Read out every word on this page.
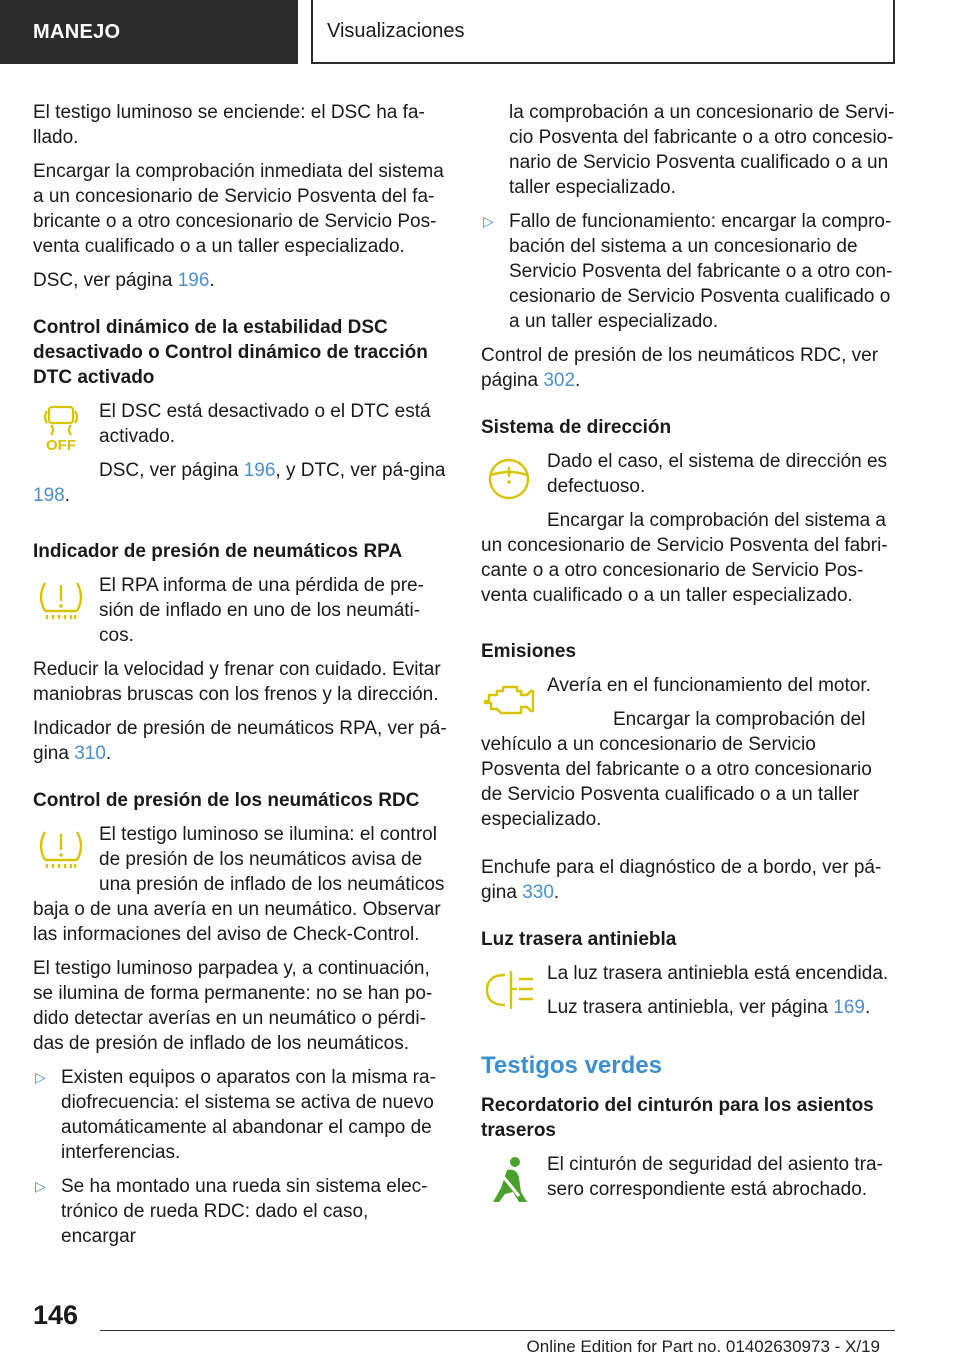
MANEJO	Visualizaciones

El testigo luminoso se enciende: el DSC ha fa-llado.

Encargar la comprobación inmediata del sistema a un concesionario de Servicio Posventa del fa-bricante o a otro concesionario de Servicio Pos-venta cualificado o a un taller especializado.

DSC, ver página 196.

Control dinámico de la estabilidad DSC desactivado o Control dinámico de tracción DTC activado
OFF

El DSC está desactivado o el DTC está activado.

DSC, ver página 196, y DTC, ver pá-gina 198.

Indicador de presión de neumáticos RPA

El RPA informa de una pérdida de pre-sión de inflado en uno de los neumáti-cos.

Reducir la velocidad y frenar con cuidado. Evitar maniobras bruscas con los frenos y la dirección.

Indicador de presión de neumáticos RPA, ver pá-gina 310.

Control de presión de los neumáticos RDC

El testigo luminoso se ilumina: el control de presión de los neumáticos avisa de una presión de inflado de los neumáticos baja o de una avería en un neumático. Observar las informaciones del aviso de Check-Control.

El testigo luminoso parpadea y, a continuación, se ilumina de forma permanente: no se han po-dido detectar averías en un neumático o pérdi-das de presión de inflado de los neumáticos.

▷ Existen equipos o aparatos con la misma ra-diofrecuencia: el sistema se activa de nuevo automáticamente al abandonar el campo de interferencias.
▷ Se ha montado una rueda sin sistema elec-trónico de rueda RDC: dado el caso, encargar

la comprobación a un concesionario de Servi-cio Posventa del fabricante o a otro concesio-nario de Servicio Posventa cualificado o a un taller especializado.

▷ Fallo de funcionamiento: encargar la compro-bación del sistema a un concesionario de Servicio Posventa del fabricante o a otro con-cesionario de Servicio Posventa cualificado o a un taller especializado.

Control de presión de los neumáticos RDC, ver página 302.

Sistema de dirección

Dado el caso, el sistema de dirección es defectuoso.

Encargar la comprobación del sistema a un concesionario de Servicio Posventa del fabri-cante o a otro concesionario de Servicio Pos-venta cualificado o a un taller especializado.

Emisiones

Avería en el funcionamiento del motor.

Encargar la comprobación del vehículo a un concesionario de Servicio Posventa del fabricante o a otro concesionario de Servicio Posventa cualificado o a un taller especializado.

Enchufe para el diagnóstico de a bordo, ver pá-gina 330.

Luz trasera antiniebla

La luz trasera antiniebla está encendida.

Luz trasera antiniebla, ver página 169.

Testigos verdes
Recordatorio del cinturón para los asientos traseros

El cinturón de seguridad del asiento tra-sero correspondiente está abrochado.

146
Online Edition for Part no. 01402630973 - X/19
